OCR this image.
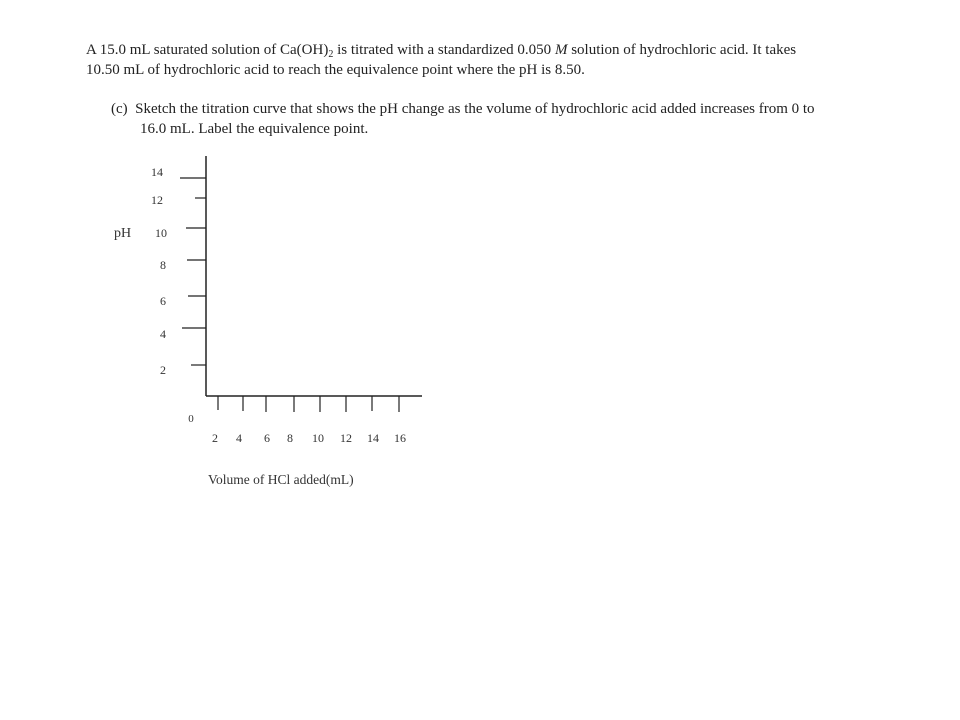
A 15.0 mL saturated solution of $Ca(OH)_2$ is titrated with a standardized 0.050 M solution of hydrochloric acid. It takes
10.50 mL of hydrochloric acid to reach the equivalence point where the pH is 8.50.
(c) Sketch the titration curve that shows the pH change as the volume of hydrochloric acid added increases from 0 to
16.0 mL. Label the equivalence point.
pH
14
12
10
8
6
4
2
0
2 4 6 8 10 12 14 16
Volume of HCl added(mL)
